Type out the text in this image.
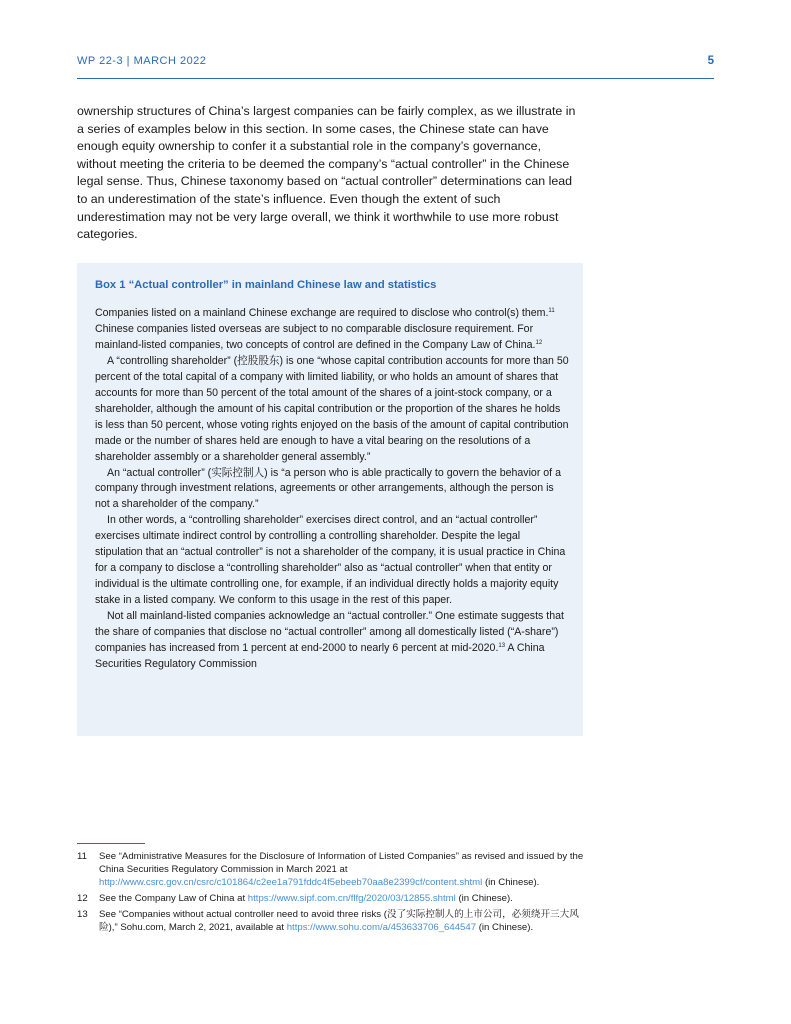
WP 22-3 | MARCH 2022	5

ownership structures of China’s largest companies can be fairly complex, as we illustrate in a series of examples below in this section. In some cases, the Chinese state can have enough equity ownership to confer it a substantial role in the company’s governance, without meeting the criteria to be deemed the company’s “actual controller” in the Chinese legal sense. Thus, Chinese taxonomy based on “actual controller” determinations can lead to an underestimation of the state’s influence. Even though the extent of such underestimation may not be very large overall, we think it worthwhile to use more robust categories.

Box 1 “Actual controller” in mainland Chinese law and statistics

Companies listed on a mainland Chinese exchange are required to disclose who control(s) them.$^{11}$ Chinese companies listed overseas are subject to no comparable disclosure requirement. For mainland-listed companies, two concepts of control are defined in the Company Law of China.$^{12}$

A “controlling shareholder” (控股股东) is one “whose capital contribution accounts for more than 50 percent of the total capital of a company with limited liability, or who holds an amount of shares that accounts for more than 50 percent of the total amount of the shares of a joint-stock company, or a shareholder, although the amount of his capital contribution or the proportion of the shares he holds is less than 50 percent, whose voting rights enjoyed on the basis of the amount of capital contribution made or the number of shares held are enough to have a vital bearing on the resolutions of a shareholder assembly or a shareholder general assembly.”

An “actual controller” (实际控制人) is “a person who is able practically to govern the behavior of a company through investment relations, agreements or other arrangements, although the person is not a shareholder of the company.”

In other words, a “controlling shareholder” exercises direct control, and an “actual controller” exercises ultimate indirect control by controlling a controlling shareholder. Despite the legal stipulation that an “actual controller” is not a shareholder of the company, it is usual practice in China for a company to disclose a “controlling shareholder” also as “actual controller” when that entity or individual is the ultimate controlling one, for example, if an individual directly holds a majority equity stake in a listed company. We conform to this usage in the rest of this paper.

Not all mainland-listed companies acknowledge an “actual controller.” One estimate suggests that the share of companies that disclose no “actual controller” among all domestically listed (“A-share”) companies has increased from 1 percent at end-2000 to nearly 6 percent at mid-2020.13 A China Securities Regulatory Commission

11	See “Administrative Measures for the Disclosure of Information of Listed Companies” as revised and issued by the China Securities Regulatory Commission in March 2021 at http://www.csrc.gov.cn/csrc/c101864/c2ee1a791fddc4f5ebeeb70aa8e2399cf/content.shtml (in Chinese).
12	See the Company Law of China at https://www.sipf.com.cn/flfg/2020/03/12855.shtml (in Chinese).
13	See “Companies without actual controller need to avoid three risks (没了实际控制人的上市公司，必须绕开三大风险),” Sohu.com, March 2, 2021, available at https://www.sohu.com/a/453633706_644547 (in Chinese).
